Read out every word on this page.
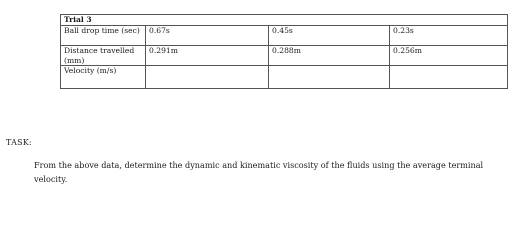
Trial 3			
Ball drop time (sec)	0.67s	0.45s	0.23s
Distance travelled (mm)	0.291m	0.288m	0.256m
Velocity (m/s)			
TASK:
From the above data, determine the dynamic and kinematic viscosity of the fluids using the average terminal velocity.
